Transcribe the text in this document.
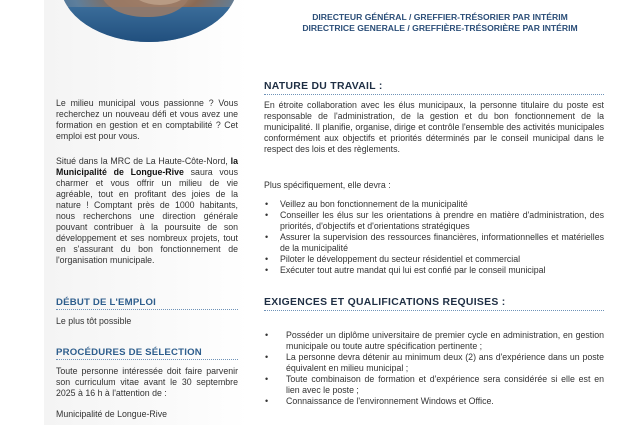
DIRECTEUR GÉNÉRAL / GREFFIER-TRÉSORIER PAR INTÉRIM
DIRECTRICE GENERALE / GREFFIÈRE-TRÉSORIÈRE PAR INTÉRIM
Le milieu municipal vous passionne ? Vous recherchez un nouveau défi et vous avez une formation en gestion et en comptabilité ? Cet emploi est pour vous.
Situé dans la MRC de La Haute-Côte-Nord, la Municipalité de Longue-Rive saura vous charmer et vous offrir un milieu de vie agréable, tout en profitant des joies de la nature ! Comptant près de 1000 habitants, nous recherchons une direction générale pouvant contribuer à la poursuite de son développement et ses nombreux projets, tout en s'assurant du bon fonctionnement de l'organisation municipale.
DÉBUT DE L'EMPLOI
Le plus tôt possible
PROCÉDURES DE SÉLECTION
Toute personne intéressée doit faire parvenir son curriculum vitae avant le 30 septembre 2025 à 16 h à l'attention de :
Municipalité de Longue-Rive
NATURE DU TRAVAIL :
En étroite collaboration avec les élus municipaux, la personne titulaire du poste est responsable de l'administration, de la gestion et du bon fonctionnement de la municipalité. Il planifie, organise, dirige et contrôle l'ensemble des activités municipales conformément aux objectifs et priorités déterminés par le conseil municipal dans le respect des lois et des règlements.
Plus spécifiquement, elle devra :
• Veillez au bon fonctionnement de la municipalité
• Conseiller les élus sur les orientations à prendre en matière d'administration, des priorités, d'objectifs et d'orientations stratégiques
• Assurer la supervision des ressources financières, informationnelles et matérielles de la municipalité
• Piloter le développement du secteur résidentiel et commercial
• Exécuter tout autre mandat qui lui est confié par le conseil municipal
EXIGENCES ET QUALIFICATIONS REQUISES :
• Posséder un diplôme universitaire de premier cycle en administration, en gestion municipale ou toute autre spécification pertinente ;
• La personne devra détenir au minimum deux (2) ans d'expérience dans un poste équivalent en milieu municipal ;
• Toute combinaison de formation et d'expérience sera considérée si elle est en lien avec le poste ;
• Connaissance de l'environnement Windows et Office.
